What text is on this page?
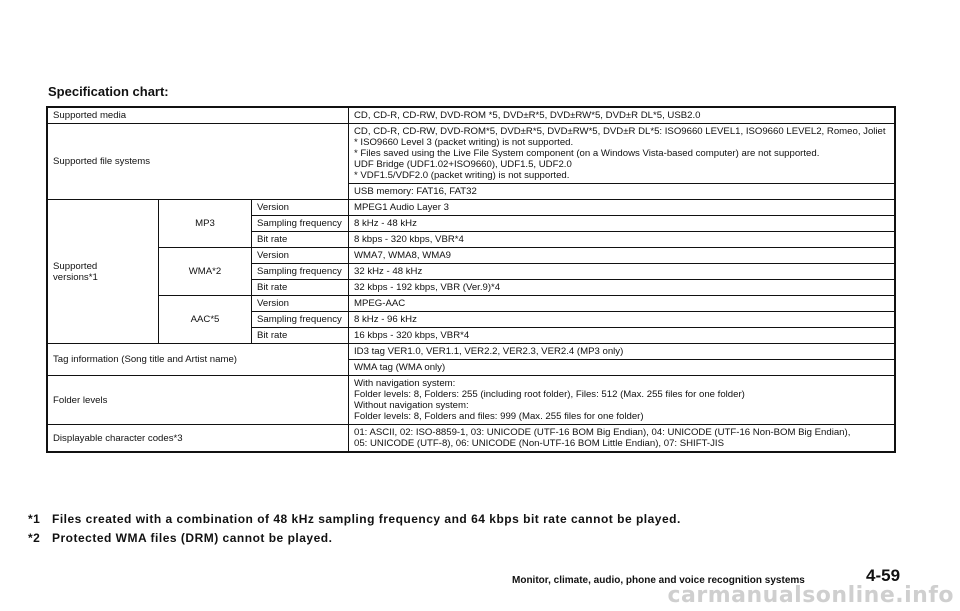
Specification chart:
Supported media			CD, CD-R, CD-RW, DVD-ROM *5, DVD±R*5, DVD±RW*5, DVD±R DL*5, USB2.0
Supported file systems			CD, CD-R, CD-RW, DVD-ROM*5, DVD±R*5, DVD±RW*5, DVD±R DL*5: ISO9660 LEVEL1, ISO9660 LEVEL2, Romeo, Joliet
* ISO9660 Level 3 (packet writing) is not supported.
* Files saved using the Live File System component (on a Windows Vista-based computer) are not supported.
UDF Bridge (UDF1.02+ISO9660), UDF1.5, UDF2.0
* VDF1.5/VDF2.0 (packet writing) is not supported.

			USB memory: FAT16, FAT32

Supported
versions*1	MP3	Version	MPEG1 Audio Layer 3
		Sampling frequency	8 kHz - 48 kHz
		Bit rate	8 kbps - 320 kbps, VBR*4
	WMA*2	Version	WMA7, WMA8, WMA9
		Sampling frequency	32 kHz - 48 kHz
		Bit rate	32 kbps - 192 kbps, VBR (Ver.9)*4
	AAC*5	Version	MPEG-AAC
		Sampling frequency	8 kHz - 96 kHz
		Bit rate	16 kbps - 320 kbps, VBR*4
Tag information (Song title and Artist name)			ID3 tag VER1.0, VER1.1, VER2.2, VER2.3, VER2.4 (MP3 only)
			WMA tag (WMA only)
Folder levels			With navigation system:
Folder levels: 8, Folders: 255 (including root folder), Files: 512 (Max. 255 files for one folder)
Without navigation system:
Folder levels: 8, Folders and files: 999 (Max. 255 files for one folder)

Displayable character codes*3			01: ASCII, 02: ISO-8859-1, 03: UNICODE (UTF-16 BOM Big Endian), 04: UNICODE (UTF-16 Non-BOM Big Endian),
05: UNICODE (UTF-8), 06: UNICODE (Non-UTF-16 BOM Little Endian), 07: SHIFT-JIS
*1 Files created with a combination of 48 kHz sampling frequency and 64 kbps bit rate cannot be played.
*2 Protected WMA files (DRM) cannot be played.
Monitor, climate, audio, phone and voice recognition systems	4-59
carmanualsonline.info
